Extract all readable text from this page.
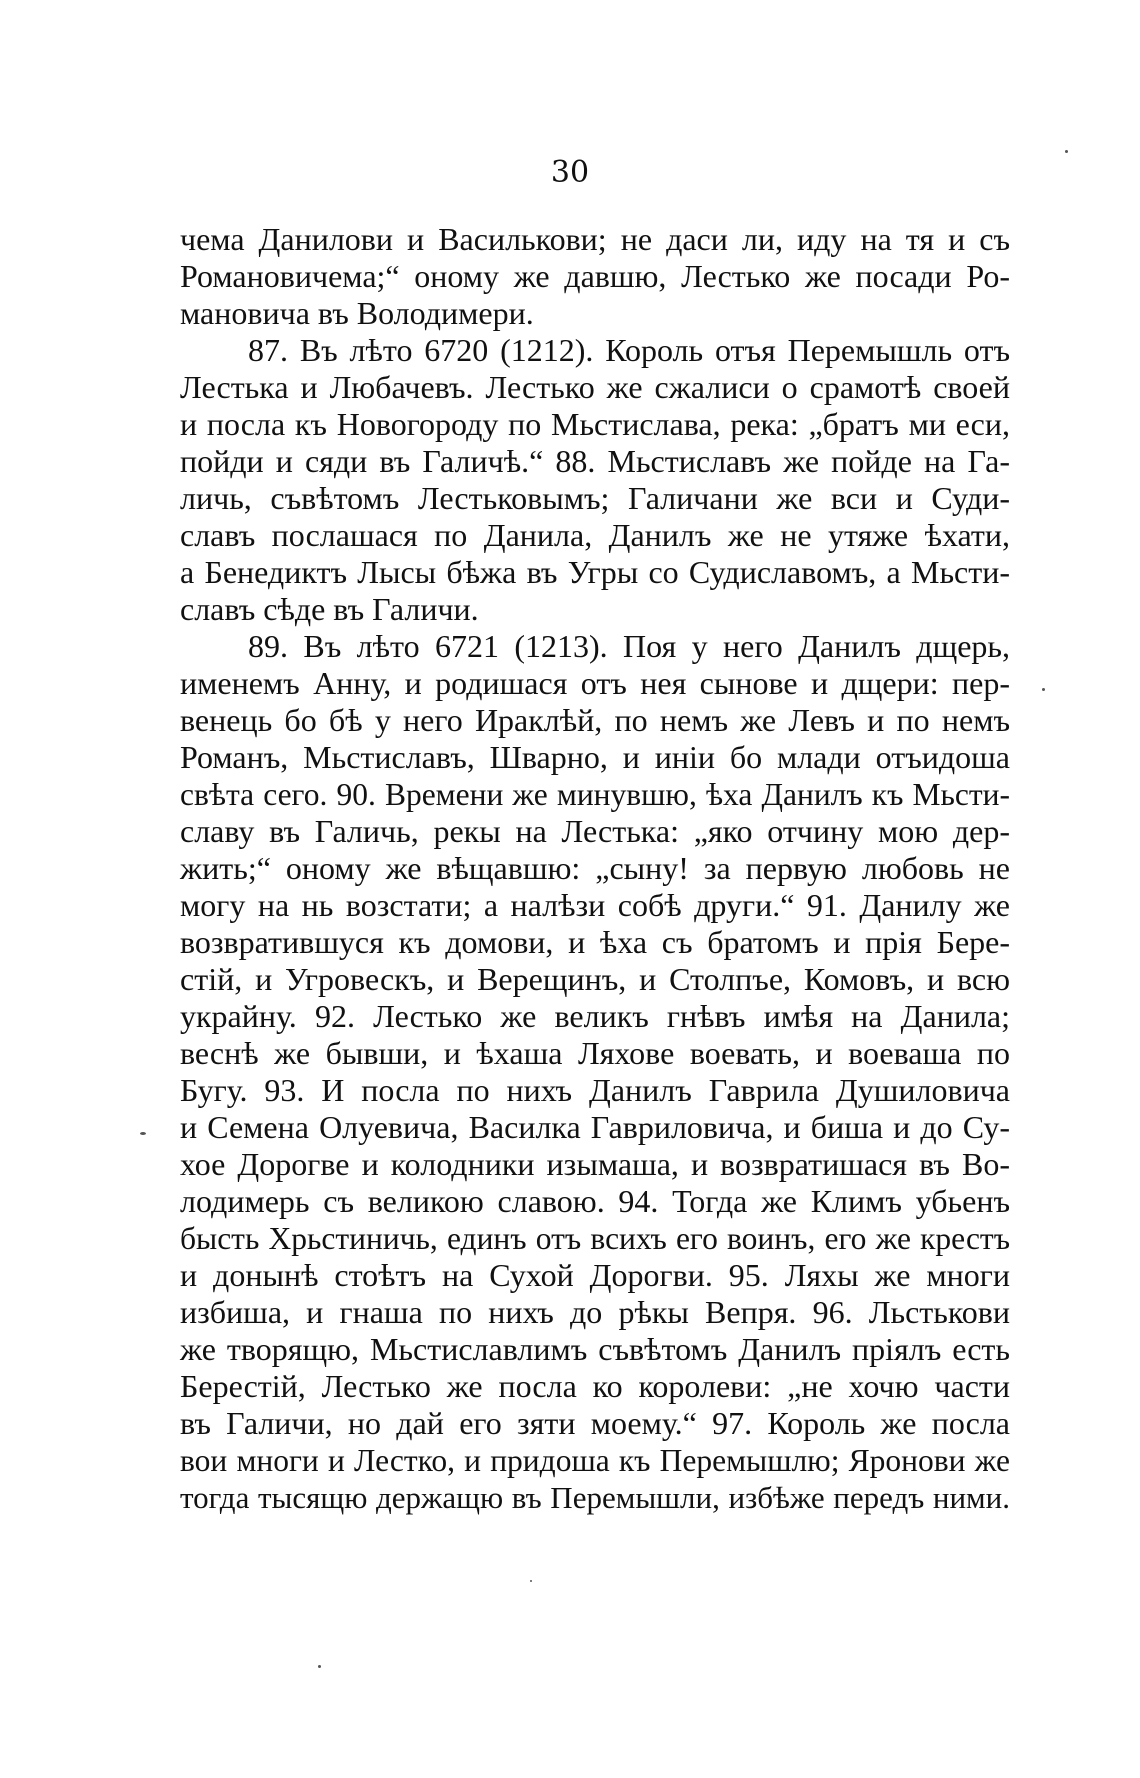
30
чема Данилови и Василькови; не даси ли, иду на тя и съ
Романовичема;“ оному же давшю, Лестько же посади Ро-
мановича въ Володимери.
87. Въ лѣто 6720 (1212). Король отъя Перемышль отъ
Лестька и Любачевъ. Лестько же сжалиси о срамотѣ своей
и посла къ Новогороду по Мьстислава, река: „братъ ми еси,
пойди и сяди въ Галичѣ.“ 88. Мьстиславъ же пойде на Га-
личь, съвѣтомъ Лестьковымъ; Галичани же вси и Суди-
славъ послашася по Данила, Данилъ же не утяже ѣхати,
а Бенедиктъ Лысы бѣжа въ Угры со Судиславомъ, а Мьсти-
славъ сѣде въ Галичи.
89. Въ лѣто 6721 (1213). Поя у него Данилъ дщерь,
именемъ Анну, и родишася отъ нея сынове и дщери: пер-
венець бо бѣ у него Ираклѣй, по немъ же Левъ и по немъ
Романъ, Мьстиславъ, Шварно, и инiи бо млади отъидоша
свѣта сего. 90. Времени же минувшю, ѣха Данилъ къ Мьсти-
славу въ Галичь, рекы на Лестька: „яко отчину мою дер-
жить;“ оному же вѣщавшю: „сыну! за первую любовь не
могу на нь возстати; а налѣзи собѣ други.“ 91. Данилу же
возвратившуся къ домови, и ѣха съ братомъ и прiя Бере-
стiй, и Угровескъ, и Верещинъ, и Столпъе, Комовъ, и всю
украйну. 92. Лестько же великъ гнѣвъ имѣя на Данила;
веснѣ же бывши, и ѣхаша Ляхове воевать, и воеваша по
Бугу. 93. И посла по нихъ Данилъ Гаврила Душиловича
и Семена Олуевича, Василка Гавриловича, и биша и до Су-
хое Дорогве и колодники изымаша, и возвратишася въ Во-
лодимерь съ великою славою. 94. Тогда же Климъ убьенъ
бысть Хрьстиничь, единъ отъ всихъ его воинъ, его же крестъ
и донынѣ стоѣтъ на Сухой Дорогви. 95. Ляхы же многи
избиша, и гнаша по нихъ до рѣкы Вепря. 96. Льстькови
же творящю, Мьстиславлимъ съвѣтомъ Данилъ прiялъ есть
Берестiй, Лестько же посла ко королеви: „не хочю части
въ Галичи, но дай его зяти моему.“ 97. Король же посла
вои многи и Лестко, и придоша къ Перемышлю; Яронови же
тогда тысящю держащю въ Перемышли, избѣже передъ ними.
